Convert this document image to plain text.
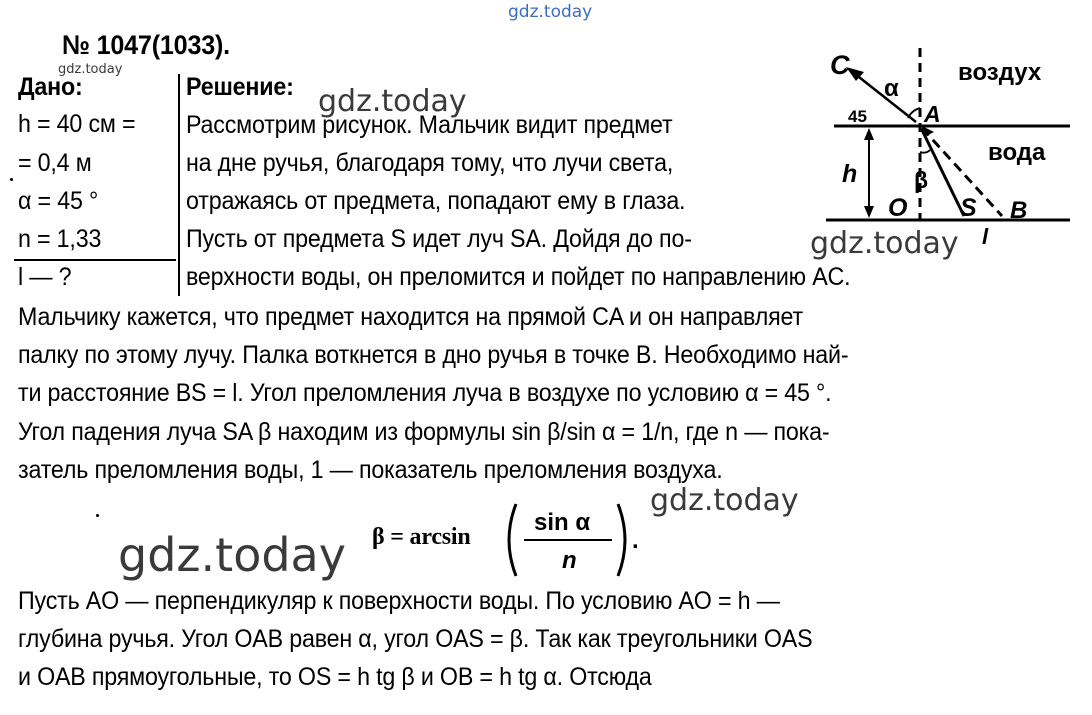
gdz.today
gdz.today
gdz.today
gdz.today
gdz.today
gdz.today
№ 1047(1033).
Дано:
h = 40 см =
= 0,4 м
α = 45 °
n = 1,33
l — ?
Решение:
Рассмотрим рисунок. Мальчик видит предмет
на дне ручья, благодаря тому, что лучи света,
отражаясь от предмета, попадают ему в глаза.
Пусть от предмета S идет луч SA. Дойдя до по-
верхности воды, он преломится и пойдет по направлению AC.
C
α
45 A
воздух
вода
h β
O S B
l
Мальчику кажется, что предмет находится на прямой CA и он направляет
палку по этому лучу. Палка воткнется в дно ручья в точке B. Необходимо най-
ти расстояние BS = l. Угол преломления луча в воздухе по условию α = 45 °.
Угол падения луча SA β находим из формулы sin β/sin α = 1/n, где n — пока-
затель преломления воды, 1 — показатель преломления воздуха.
β = arcsin
sin α
n
.
Пусть AO — перпендикуляр к поверхности воды. По условию AO = h —
глубина ручья. Угол OAB равен α, угол OAS = β. Так как треугольники OAS
и OAB прямоугольные, то OS = h tg β и OB = h tg α. Отсюда
